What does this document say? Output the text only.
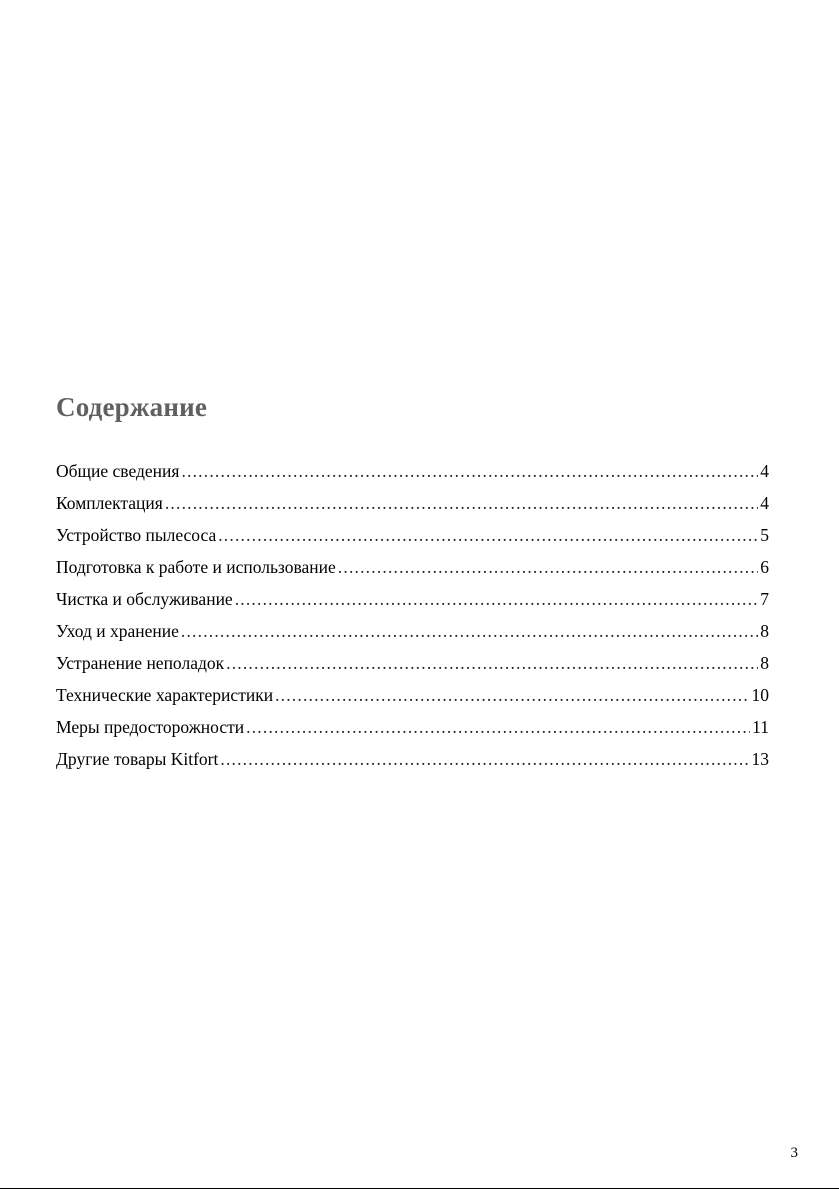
Содержание
Общие сведения .....	4
Комплектация .....	4
Устройство пылесоса .....	5
Подготовка к работе и использование .....	6
Чистка и обслуживание .....	7
Уход и хранение .....	8
Устранение неполадок .....	8
Технические характеристики .....	10
Меры предосторожности .....	11
Другие товары Kitfort .....	13
3
